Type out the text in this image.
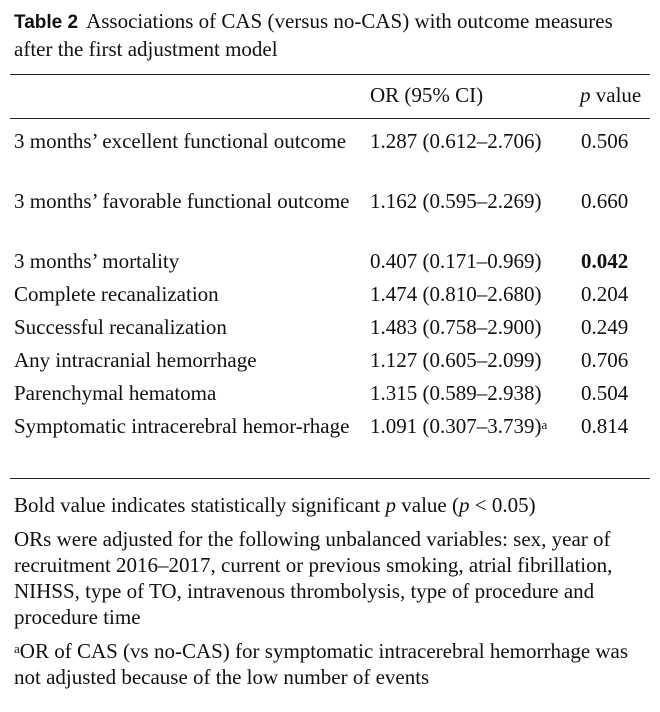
Table 2 Associations of CAS (versus no-CAS) with outcome measures after the first adjustment model
OR (95% CI)	p value
3 months’ excellent functional outcome	1.287 (0.612–2.706) 0.506
3 months’ favorable functional outcome 1.162 (0.595–2.269) 0.660
3 months’ mortality	0.407 (0.171–0.969) 0.042
Complete recanalization	1.474 (0.810–2.680) 0.204
Successful recanalization	1.483 (0.758–2.900) 0.249
Any intracranial hemorrhage	1.127 (0.605–2.099) 0.706
Parenchymal hematoma	1.315 (0.589–2.938) 0.504
Symptomatic intracerebral hemor-rhage 1.091 $(0.307-3.739)^a$ 0.814

Bold value indicates statistically significant p value (p < 0.05)

ORs were adjusted for the following unbalanced variables: sex, year of recruitment 2016–2017, current or previous smoking, atrial fibrillation, NIHSS, type of TO, intravenous thrombolysis, type of procedure and procedure time

$^a$OR of CAS (vs no-CAS) for symptomatic intracerebral hemorrhage was not adjusted because of the low number of events
